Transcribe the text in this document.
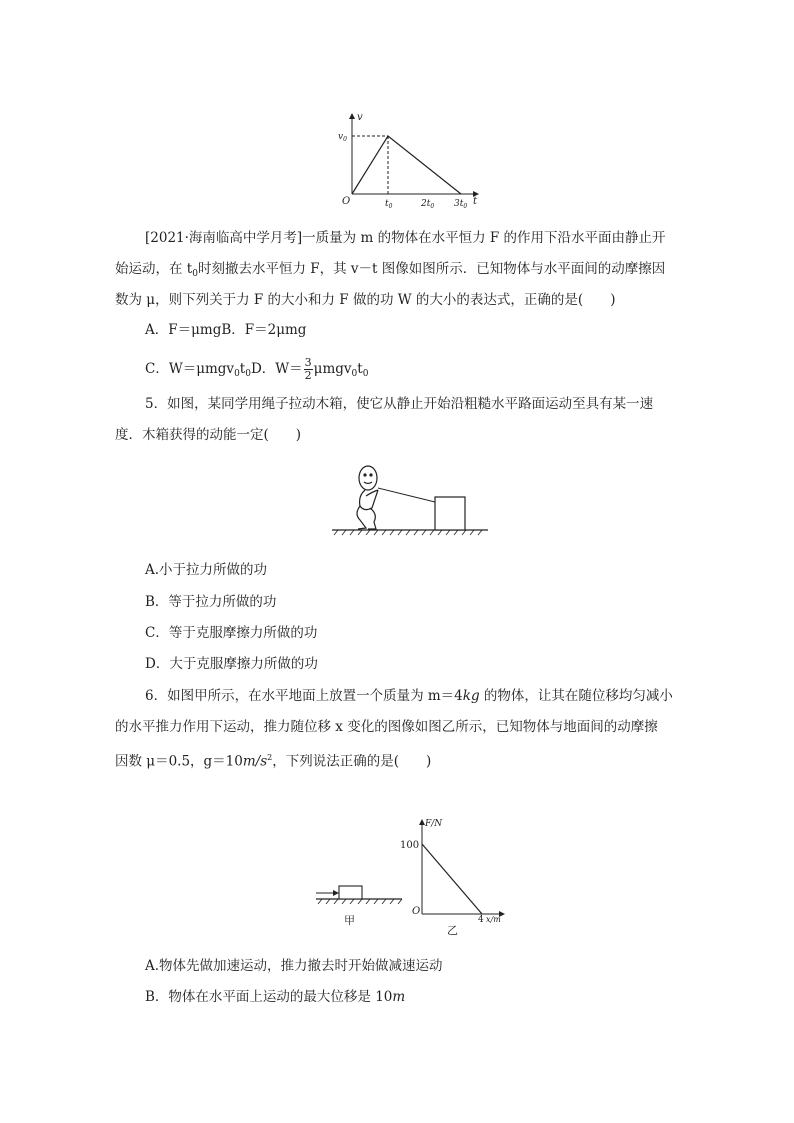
v
t
O
$v_0$
$t_0$	$2t_0$ $3t_0$
[2021·海南临高中学月考]一质量为 m 的物体在水平恒力 F 的作用下沿水平面由静止开
始运动，在 $t_0$时刻撤去水平恒力 F，其 v－t 图像如图所示．已知物体与水平面间的动摩擦因
数为 μ，则下列关于力 F 的大小和力 F 做的功 W 的大小的表达式，正确的是(　　)
A．F＝μmgB．F＝2μmg
C．$W=\mu mgv_0t_0D$．$W= \frac{3}{2} \mu mgv_0t_0$
5．如图，某同学用绳子拉动木箱，使它从静止开始沿粗糙水平路面运动至具有某一速
度．木箱获得的动能一定(　　)
A.小于拉力所做的功
B．等于拉力所做的功
C．等于克服摩擦力所做的功
D．大于克服摩擦力所做的功
6．如图甲所示，在水平地面上放置一个质量为 m＝4kg 的物体，让其在随位移均匀减小
的水平推力作用下运动，推力随位移 x 变化的图像如图乙所示，已知物体与地面间的动摩擦
因数 μ＝0.5，$g=10m/s^2$，下列说法正确的是(　　)
甲
F/N
100
O
4 x/m
乙
A.物体先做加速运动，推力撤去时开始做减速运动
B．物体在水平面上运动的最大位移是 10m
